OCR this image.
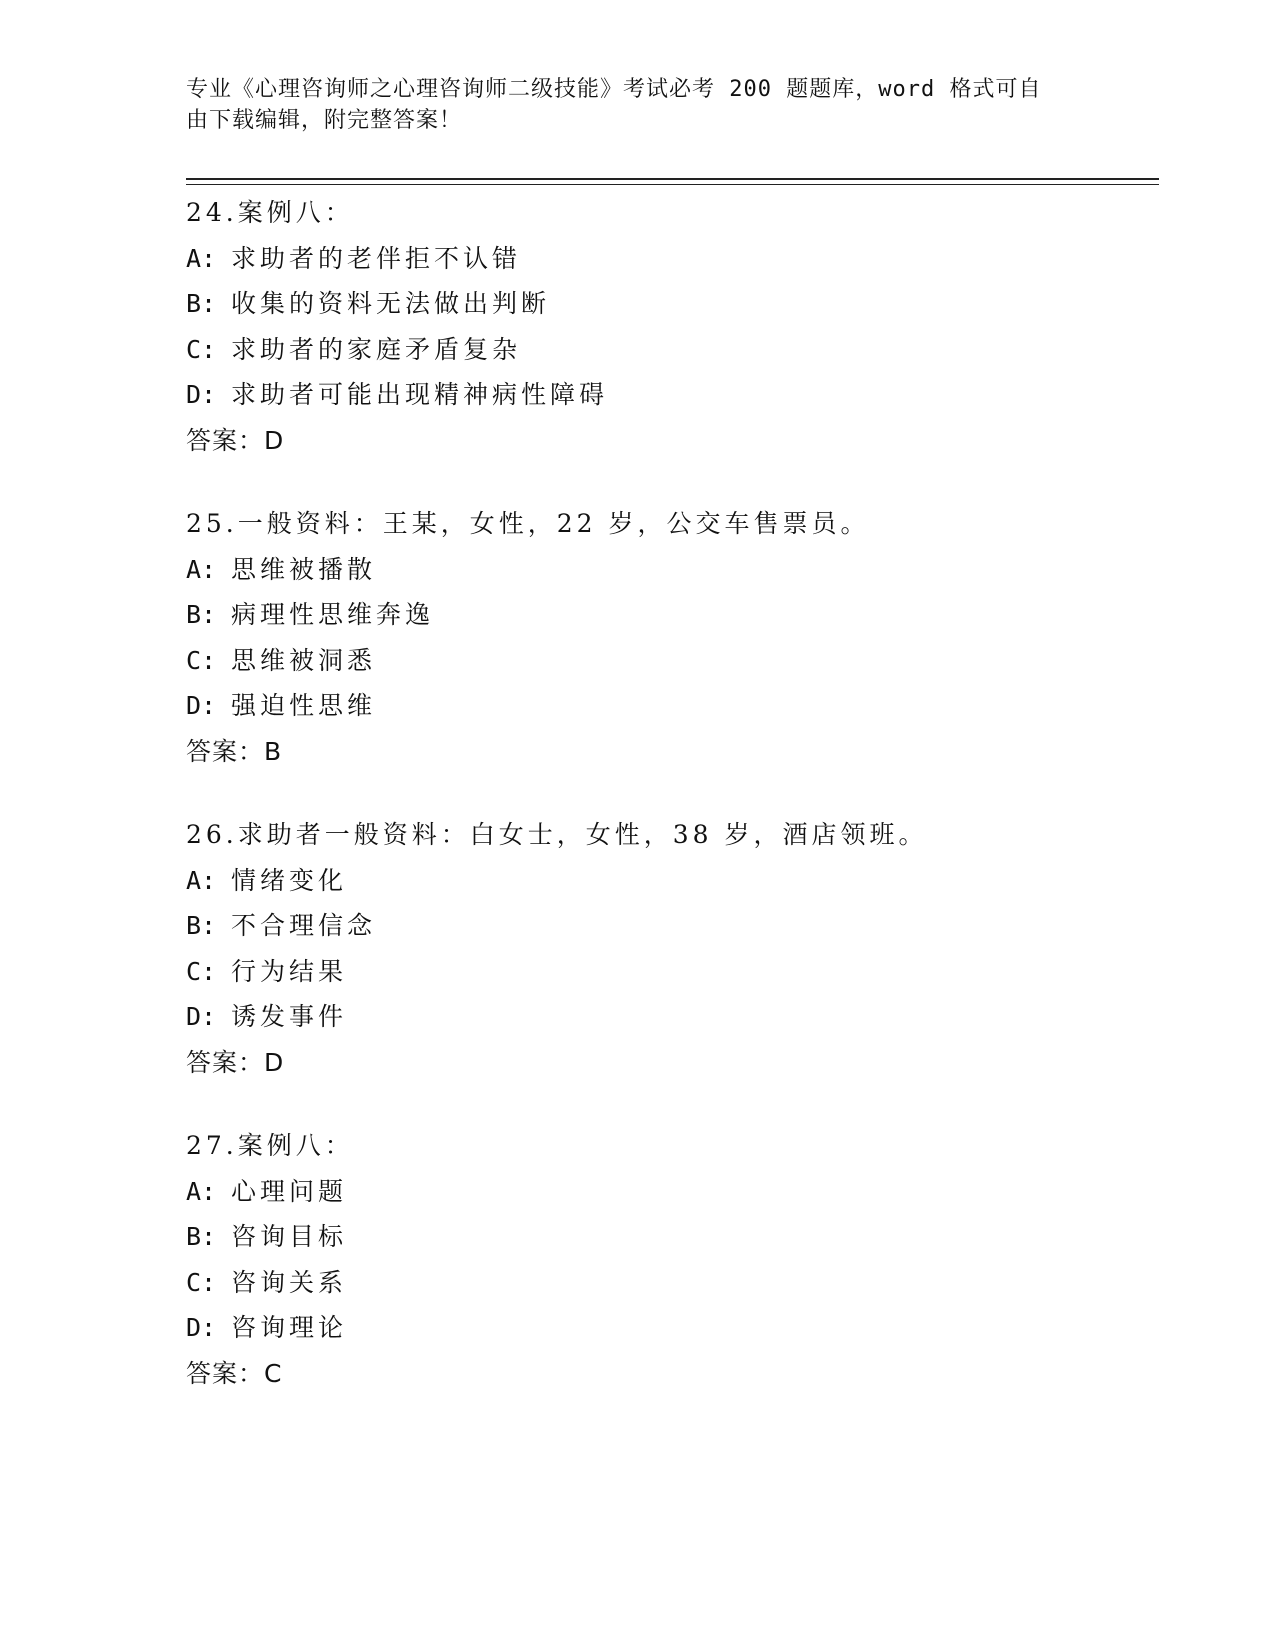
专业《心理咨询师之心理咨询师二级技能》考试必考 200 题题库，word 格式可自
由下载编辑，附完整答案！
24.案例八：
A: 求助者的老伴拒不认错
B: 收集的资料无法做出判断
C: 求助者的家庭矛盾复杂
D: 求助者可能出现精神病性障碍
答案：D
25.一般资料：王某，女性，22 岁，公交车售票员。
A: 思维被播散
B: 病理性思维奔逸
C: 思维被洞悉
D: 强迫性思维
答案：B
26.求助者一般资料：白女士，女性，38 岁，酒店领班。
A: 情绪变化
B: 不合理信念
C: 行为结果
D: 诱发事件
答案：D
27.案例八：
A: 心理问题
B: 咨询目标
C: 咨询关系
D: 咨询理论
答案：C
